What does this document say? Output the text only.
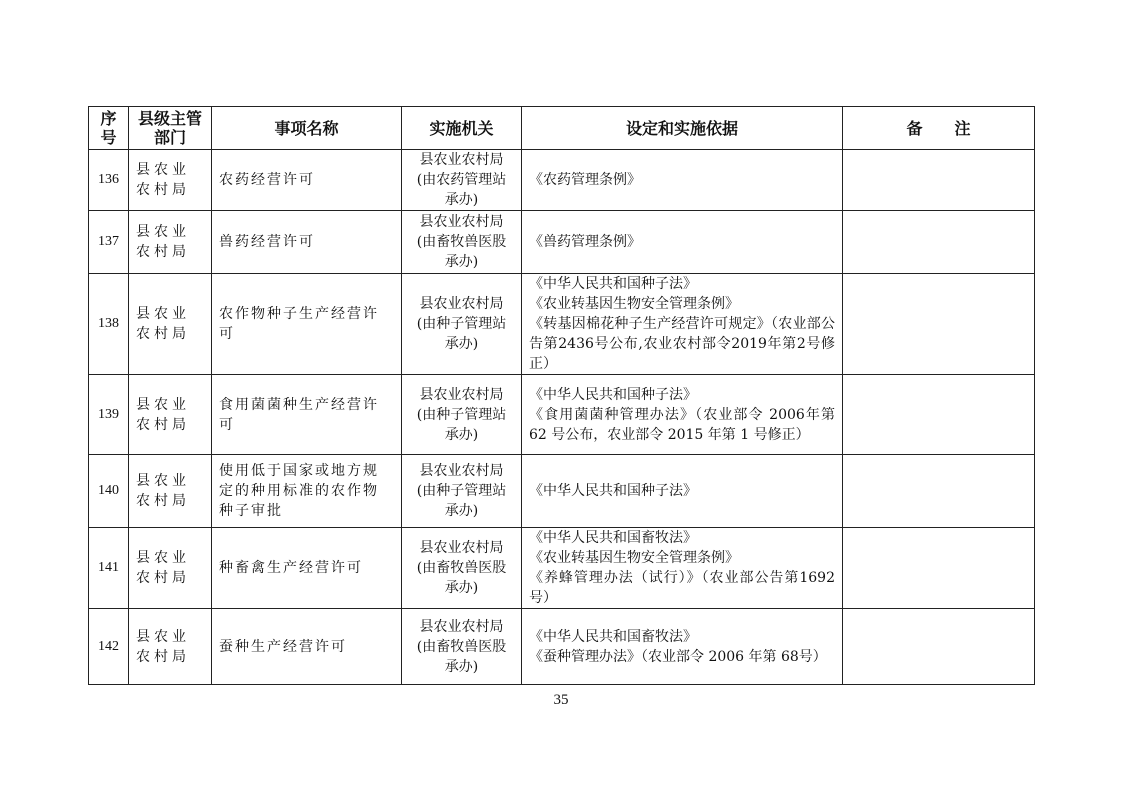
序号	县级主管部门	事项名称	实施机关	设定和实施依据	备　　注
136	县农业农村局	农药经营许可	县农业农村局
(由农药管理站
承办)	《农药管理条例》	

137	县农业农村局	兽药经营许可	县农业农村局
(由畜牧兽医股
承办)	《兽药管理条例》	

138	县农业农村局	农作物种子生产经营许可	县农业农村局
(由种子管理站
承办)	《中华人民共和国种子法》
《农业转基因生物安全管理条例》
《转基因棉花种子生产经营许可规定》（农业部公告第2436号公布,农业农村部令2019年第2号修正）	

139	县农业农村局	食用菌菌种生产经营许可	县农业农村局
(由种子管理站
承办)	《中华人民共和国种子法》
《食用菌菌种管理办法》（农业部令 2006年第 62 号公布，农业部令 2015 年第 1 号修正）	

140	县农业农村局	使用低于国家或地方规定的种用标准的农作物种子审批	县农业农村局
(由种子管理站
承办)	《中华人民共和国种子法》	

141	县农业农村局	种畜禽生产经营许可	县农业农村局
(由畜牧兽医股
承办)	《中华人民共和国畜牧法》
《农业转基因生物安全管理条例》
《养蜂管理办法（试行）》（农业部公告第1692号）	

142	县农业农村局	蚕种生产经营许可	县农业农村局
(由畜牧兽医股
承办)	《中华人民共和国畜牧法》
《蚕种管理办法》（农业部令 2006 年第 68号）	

35
